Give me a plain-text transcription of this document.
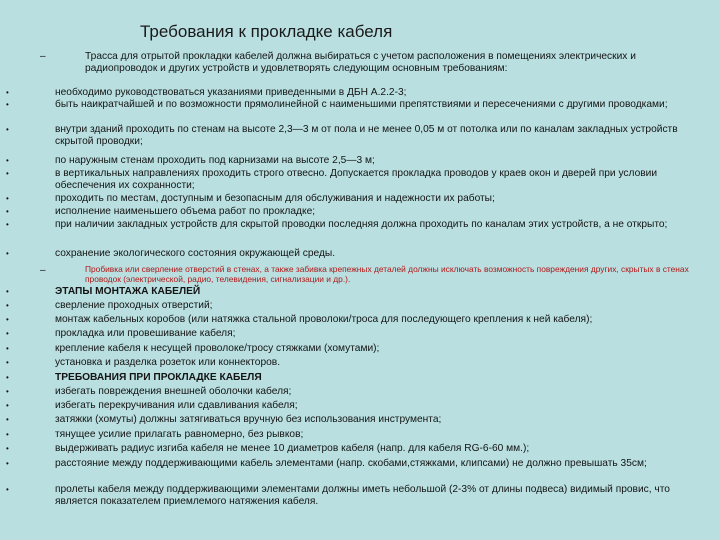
Требования к прокладке кабеля
–	Трасса для отрытой прокладки кабелей должна выбираться с учетом расположения в помещениях электрических и радиопроводок и других устройств и удовлетворять следующим основным требованиям:
•	необходимо руководствоваться указаниями приведенными в ДБН А.2.2-3;
•	быть наикратчайшей и по возможности прямолинейной с наименьшими препятствиями и пересечениями с другими проводками;
•	внутри зданий проходить по стенам на высоте 2,3—3 м от пола и не менее 0,05 м от потолка или по каналам закладных устройств скрытой проводки;
•	по наружным стенам проходить под карнизами на высоте 2,5—3 м;
•	в вертикальных направлениях проходить строго отвесно. Допускается прокладка проводов у краев окон и дверей при условии обеспечения их сохранности;
•	проходить по местам, доступным и безопасным для обслуживания и надежности их работы;
•	исполнение наименьшего объема работ по прокладке;
•	при наличии закладных устройств для скрытой проводки последняя должна проходить по каналам этих устройств, а не открыто;
•	сохранение экологического состояния окружающей среды.
–	Пробивка или сверление отверстий в стенах, а также забивка крепежных деталей должны исключать возможность повреждения других, скрытых в стенах проводок (электрической, радио, телевидения, сигнализации и др.).
•	ЭТАПЫ МОНТАЖА КАБЕЛЕЙ
•	сверление проходных отверстий;
•	монтаж кабельных коробов (или натяжка стальной проволоки/троса для последующего крепления к ней кабеля);
•	прокладка или провешивание кабеля;
•	крепление кабеля к несущей проволоке/тросу стяжками (хомутами);
•	установка и разделка розеток или коннекторов.
•	ТРЕБОВАНИЯ ПРИ ПРОКЛАДКЕ КАБЕЛЯ
•	избегать повреждения внешней оболочки кабеля;
•	избегать перекручивания или сдавливания кабеля;
•	затяжки (хомуты) должны затягиваться вручную без использования инструмента;
•	тянущее усилие прилагать равномерно, без рывков;
•	выдерживать радиус изгиба кабеля не менее 10 диаметров кабеля (напр. для кабеля RG-6-60 мм.);
•	расстояние между поддерживающими кабель элементами (напр. скобами,стяжками, клипсами) не должно превышать 35см;
•	пролеты кабеля между поддерживающими элементами должны иметь небольшой (2-3% от длины подвеса) видимый провис, что является показателем приемлемого натяжения кабеля.
